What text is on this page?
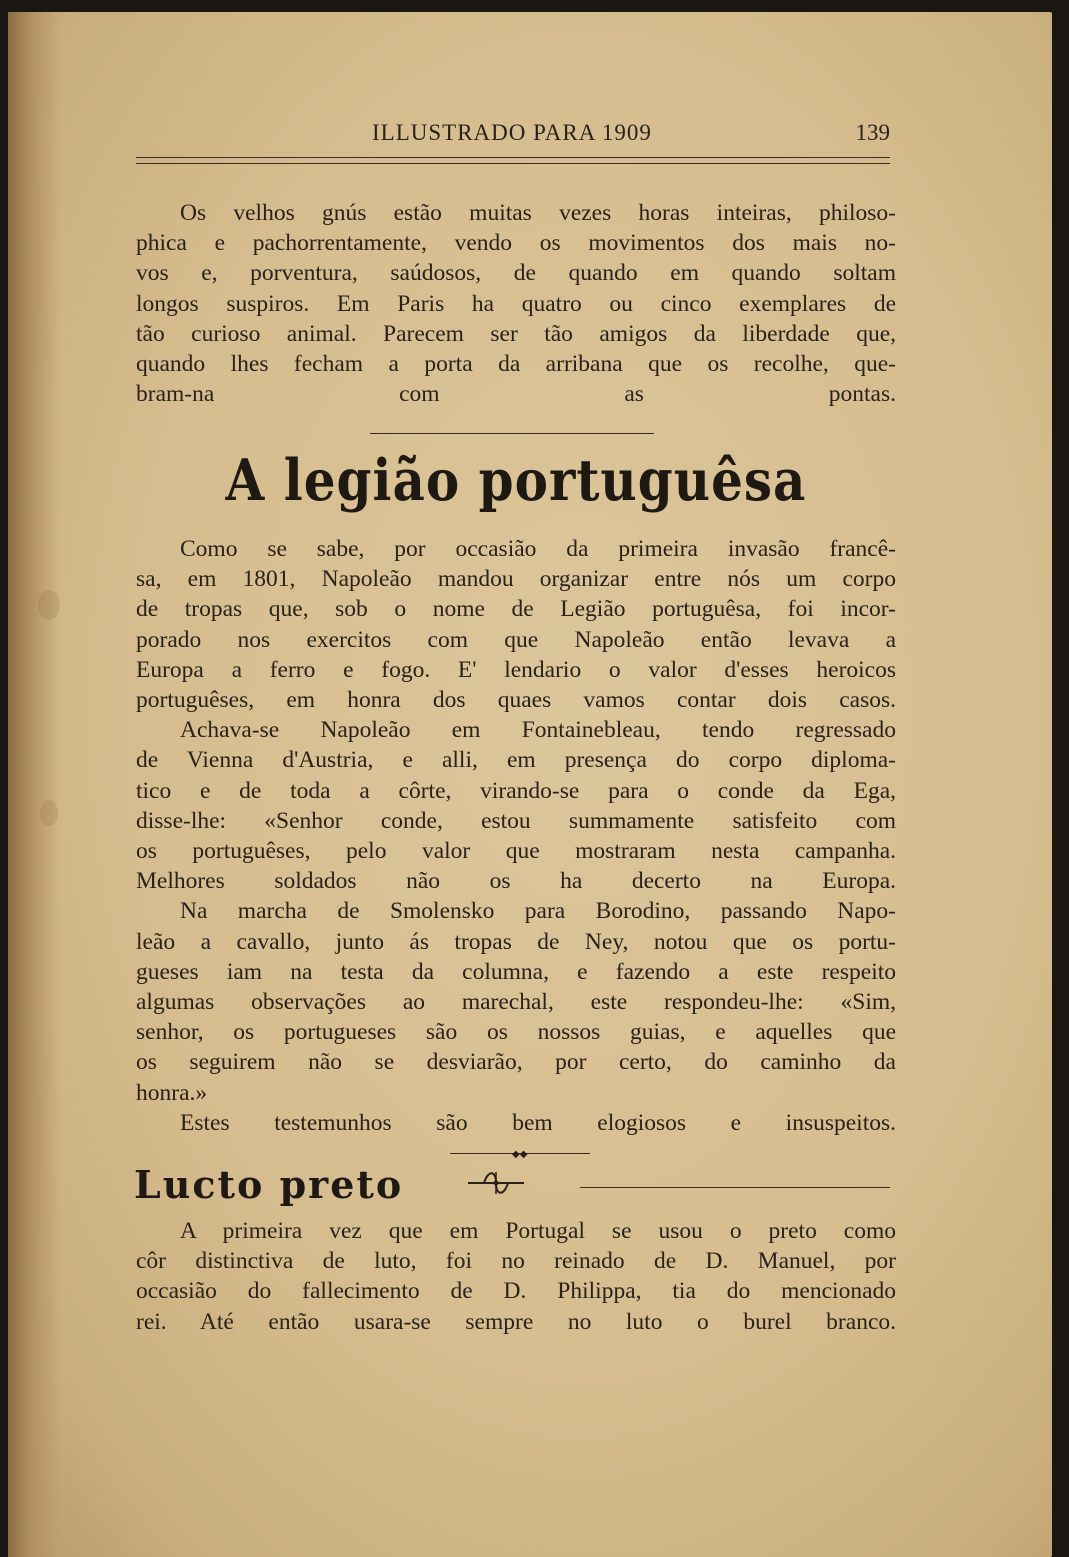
ILLUSTRADO PARA 1909	139

Os velhos gnús estão muitas vezes horas inteiras, philoso-
phica e pachorrentamente, vendo os movimentos dos mais no-
vos e, porventura, saúdosos, de quando em quando soltam
longos suspiros. Em Paris ha quatro ou cinco exemplares de
tão curioso animal. Parecem ser tão amigos da liberdade que,
quando lhes fecham a porta da arribana que os recolhe, que-
bram-na com as pontas.

A legião portuguêsa

Como se sabe, por occasião da primeira invasão francê-
sa, em 1801, Napoleão mandou organizar entre nós um corpo
de tropas que, sob o nome de Legião portuguêsa, foi incor-
porado nos exercitos com que Napoleão então levava a
Europa a ferro e fogo. E' lendario o valor d'esses heroicos
portuguêses, em honra dos quaes vamos contar dois casos.

Achava-se Napoleão em Fontainebleau, tendo regressado
de Vienna d'Austria, e alli, em presença do corpo diploma-
tico e de toda a côrte, virando-se para o conde da Ega,
disse-lhe: «Senhor conde, estou summamente satisfeito com
os portuguêses, pelo valor que mostraram nesta campanha.
Melhores soldados não os ha decerto na Europa.

Na marcha de Smolensko para Borodino, passando Napo-
leão a cavallo, junto ás tropas de Ney, notou que os portu-
gueses iam na testa da columna, e fazendo a este respeito
algumas observações ao marechal, este respondeu-lhe: «Sim,
senhor, os portugueses são os nossos guias, e aquelles que
os seguirem não se desviarão, por certo, do caminho da
honra.»

Estes testemunhos são bem elogiosos e insuspeitos.

◆◆
Lucto preto

A primeira vez que em Portugal se usou o preto como
côr distinctiva de luto, foi no reinado de D. Manuel, por
occasião do fallecimento de D. Philippa, tia do mencionado
rei. Até então usara-se sempre no luto o burel branco.
